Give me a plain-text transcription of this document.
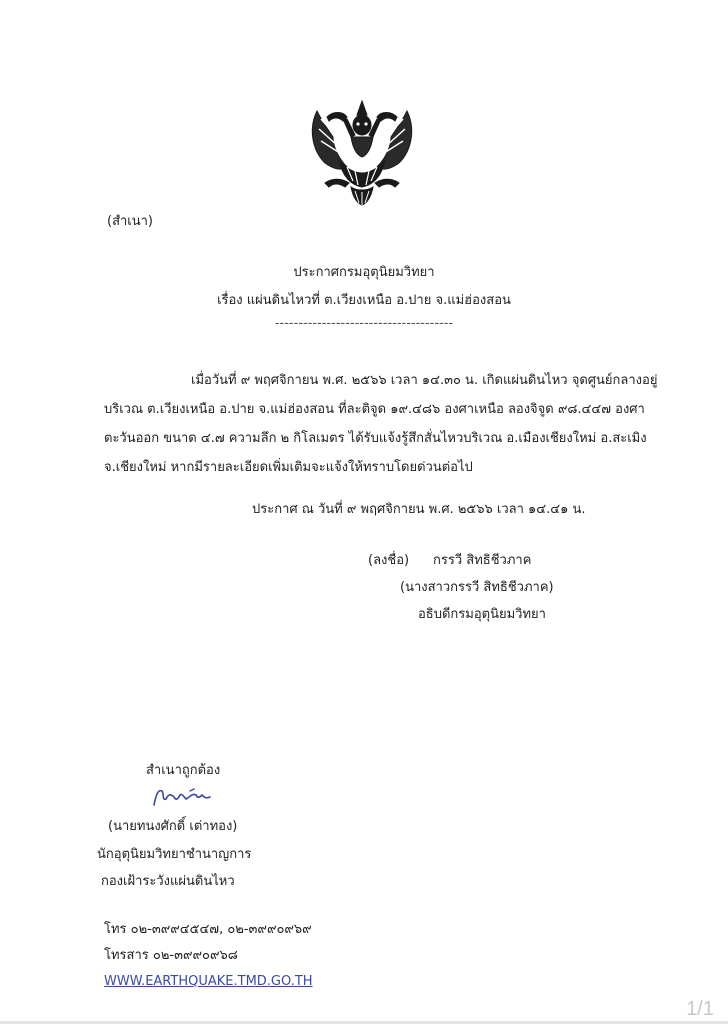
(สำเนา)
ประกาศกรมอุตุนิยมวิทยา
เรื่อง แผ่นดินไหวที่ ต.เวียงเหนือ อ.ปาย จ.แม่ฮ่องสอน
--------------------------------------
เมื่อวันที่ ๙ พฤศจิกายน พ.ศ. ๒๕๖๖ เวลา ๑๔.๓๐ น. เกิดแผ่นดินไหว จุดศูนย์กลางอยู่
บริเวณ ต.เวียงเหนือ อ.ปาย จ.แม่ฮ่องสอน ที่ละติจูด ๑๙.๔๘๖ องศาเหนือ ลองจิจูด ๙๘.๔๔๗ องศา
ตะวันออก ขนาด ๔.๗ ความลึก ๒ กิโลเมตร ได้รับแจ้งรู้สึกสั่นไหวบริเวณ อ.เมืองเชียงใหม่ อ.สะเมิง
จ.เชียงใหม่ หากมีรายละเอียดเพิ่มเติมจะแจ้งให้ทราบโดยด่วนต่อไป
ประกาศ ณ วันที่ ๙ พฤศจิกายน พ.ศ. ๒๕๖๖ เวลา ๑๔.๔๑ น.
(ลงชื่อ) กรรวี สิทธิชีวภาค
(นางสาวกรรวี สิทธิชีวภาค)
อธิบดีกรมอุตุนิยมวิทยา
สำเนาถูกต้อง
(นายทนงศักดิ์ เต่าทอง)
นักอุตุนิยมวิทยาชำนาญการ
กองเฝ้าระวังแผ่นดินไหว
โทร ๐๒-๓๙๙๔๕๔๗, ๐๒-๓๙๙๐๙๖๙
โทรสาร ๐๒-๓๙๙๐๙๖๘
WWW.EARTHQUAKE.TMD.GO.TH
1/1
